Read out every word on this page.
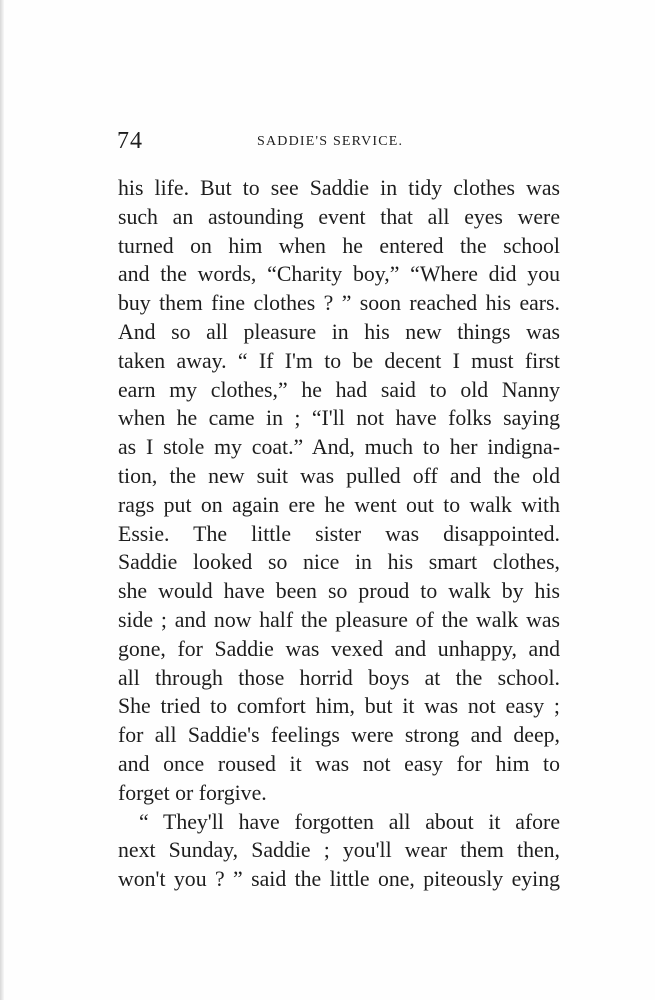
74	SADDIE'S SERVICE.
his life. But to see Saddie in tidy clothes was
such an astounding event that all eyes were
turned on him when he entered the school
and the words, “Charity boy,” “Where did you
buy them fine clothes ? ” soon reached his ears.
And so all pleasure in his new things was
taken away. “ If I'm to be decent I must first
earn my clothes,” he had said to old Nanny
when he came in ; “I'll not have folks saying
as I stole my coat.” And, much to her indigna-
tion, the new suit was pulled off and the old
rags put on again ere he went out to walk with
Essie. The little sister was disappointed.
Saddie looked so nice in his smart clothes,
she would have been so proud to walk by his
side ; and now half the pleasure of the walk was
gone, for Saddie was vexed and unhappy, and
all through those horrid boys at the school.
She tried to comfort him, but it was not easy ;
for all Saddie's feelings were strong and deep,
and once roused it was not easy for him to
forget or forgive.
“ They'll have forgotten all about it afore
next Sunday, Saddie ; you'll wear them then,
won't you ? ” said the little one, piteously eying
